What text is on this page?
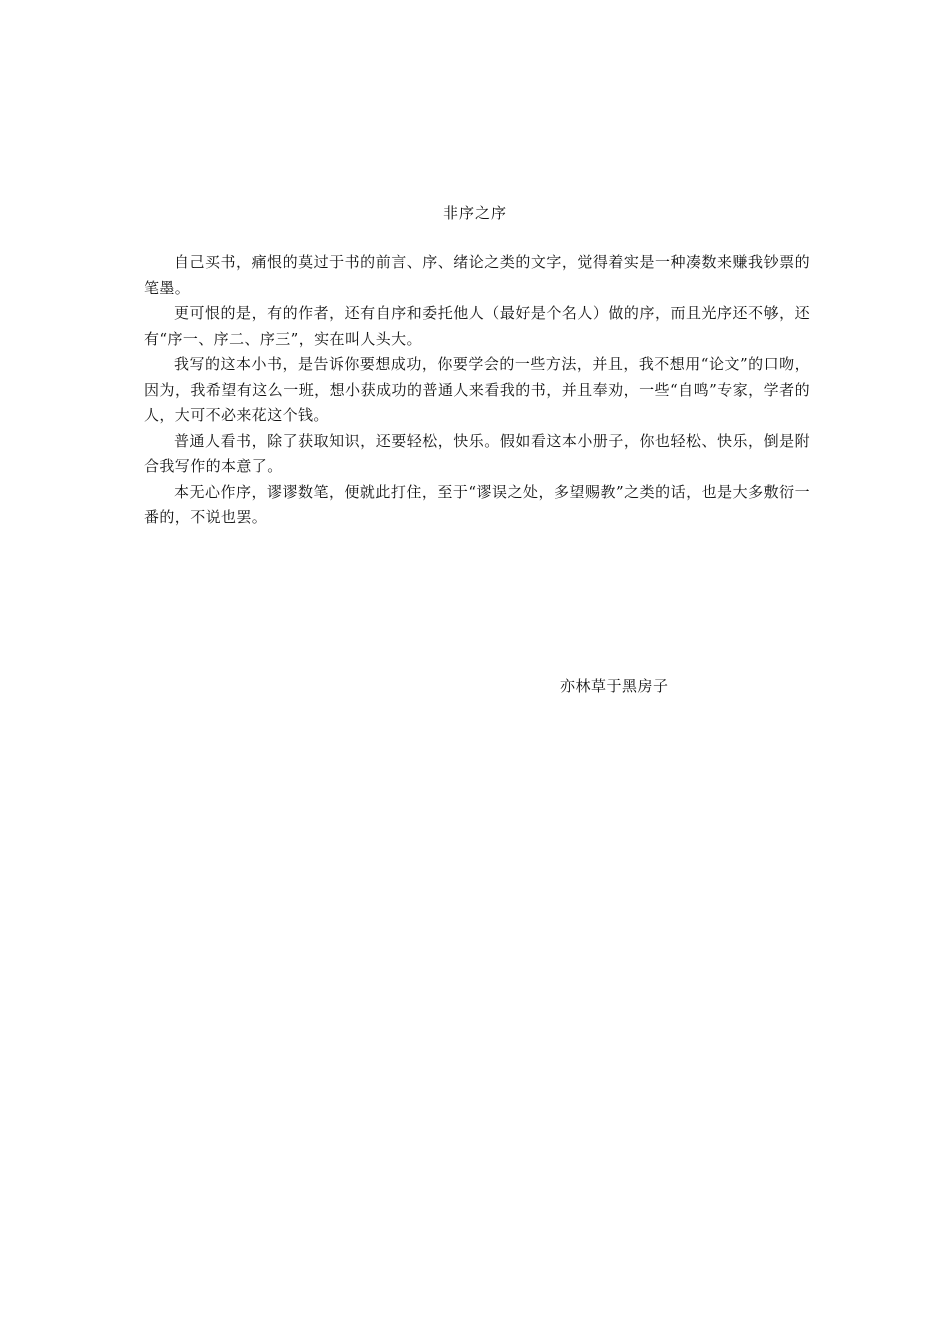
非序之序

自己买书，痛恨的莫过于书的前言、序、绪论之类的文字，觉得着实是一种凑数来赚我钞票的笔墨。

更可恨的是，有的作者，还有自序和委托他人（最好是个名人）做的序，而且光序还不够，还有“序一、序二、序三”，实在叫人头大。

我写的这本小书，是告诉你要想成功，你要学会的一些方法，并且，我不想用“论文”的口吻，因为，我希望有这么一班，想小获成功的普通人来看我的书，并且奉劝，一些“自鸣”专家，学者的人，大可不必来花这个钱。

普通人看书，除了获取知识，还要轻松，快乐。假如看这本小册子，你也轻松、快乐，倒是附合我写作的本意了。

本无心作序，谬谬数笔，便就此打住，至于“谬误之处，多望赐教”之类的话，也是大多敷衍一番的，不说也罢。

亦林草于黑房子
